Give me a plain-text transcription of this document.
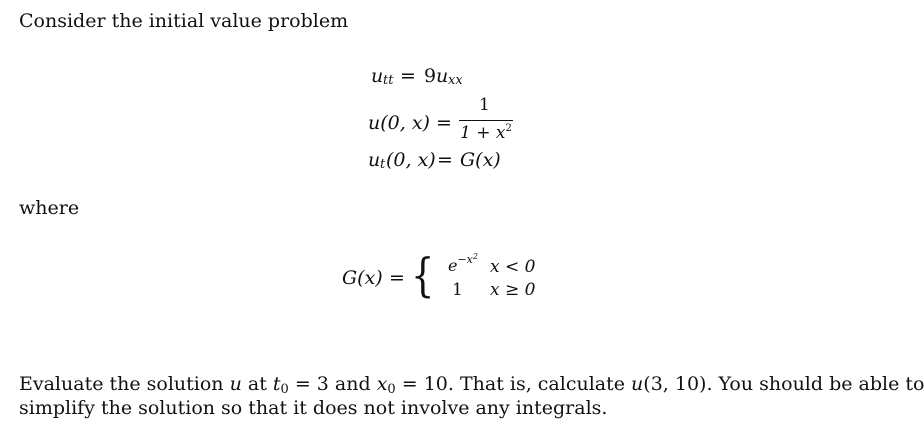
Consider the initial value problem
u tt = 9 u xx
u(0, x) =
1
$1 + x^2$
u t (0, x) = G(x)
where
G(x) = { $e^{-x^2}$
x < 0
1 x ≥ 0
Evaluate the solution u at t0 = 3 and x0 = 10. That is, calculate u(3, 10). You should be able to
simplify the solution so that it does not involve any integrals.
